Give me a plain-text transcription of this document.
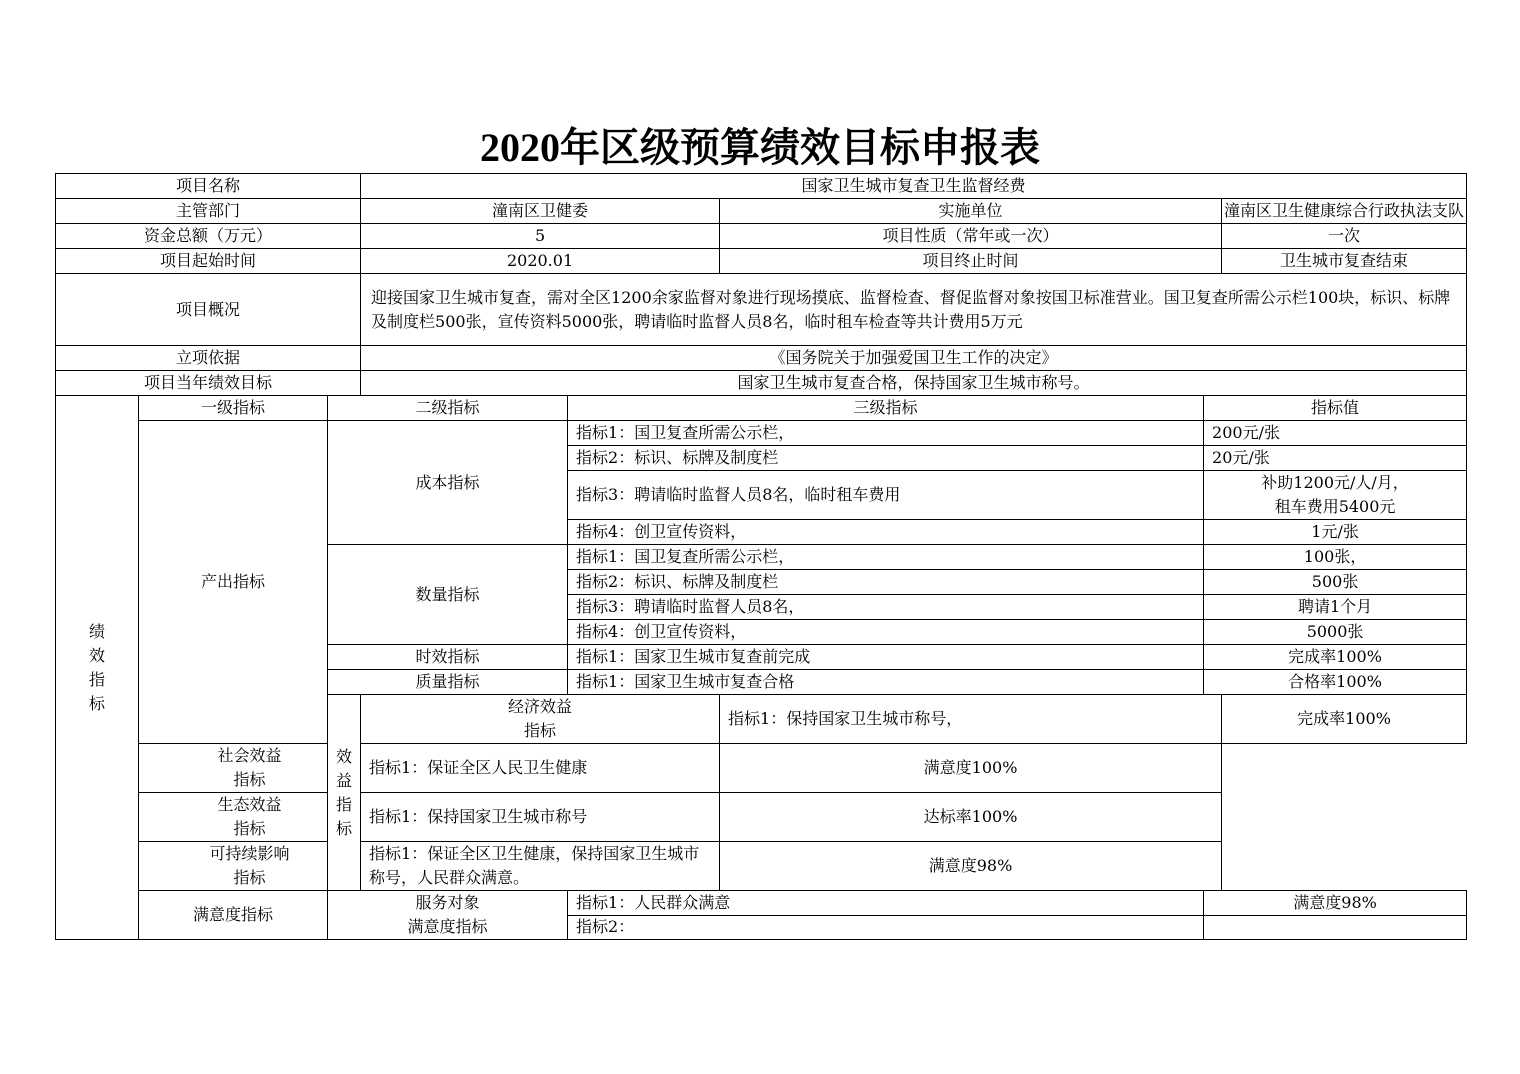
2020年区级预算绩效目标申报表
项目名称			国家卫生城市复查卫生监督经费				
主管部门			潼南区卫健委		实施单位		潼南区卫生健康综合行政执法支队
资金总额（万元）			5		项目性质（常年或一次）		一次
项目起始时间			2020.01		项目终止时间		卫生城市复查结束
项目概况			迎接国家卫生城市复查，需对全区1200余家监督对象进行现场摸底、监督检查、督促监督对象按国卫标准营业。国卫复查所需公示栏100块，标识、标牌及制度栏500张，宣传资料5000张，聘请临时监督人员8名，临时租车检查等共计费用5万元				
立项依据			《国务院关于加强爱国卫生工作的决定》				
项目当年绩效目标			国家卫生城市复查合格，保持国家卫生城市称号。				

绩
效
指
标	一级指标	二级指标		三级指标		指标值	
	产出指标	成本指标		指标1：国卫复查所需公示栏，		200元/张	
				指标2：标识、标牌及制度栏		20元/张	
				指标3：聘请临时监督人员8名，临时租车费用		补助1200元/人/月，
租车费用5400元	

				指标4：创卫宣传资料，		1元/张	
		数量指标		指标1：国卫复查所需公示栏，		100张，	
				指标2：标识、标牌及制度栏		500张	
				指标3：聘请临时监督人员8名，		聘请1个月	
				指标4：创卫宣传资料，		5000张	
		时效指标		指标1：国家卫生城市复查前完成		完成率100%	
		质量指标		指标1：国家卫生城市复查合格		合格率100%	
		效益指标	经济效益
指标		指标1：保持国家卫生城市称号，		完成率100%

	社会效益
指标		指标1：保证全区人民卫生健康		满意度100%		

	生态效益
指标		指标1：保持国家卫生城市称号		达标率100%		

	可持续影响
指标		指标1：保证全区卫生健康，保持国家卫生城市称号，人民群众满意。		满意度98%		
	满意度指标	服务对象
满意度指标		指标1：人民群众满意		满意度98%	
				指标2：			
